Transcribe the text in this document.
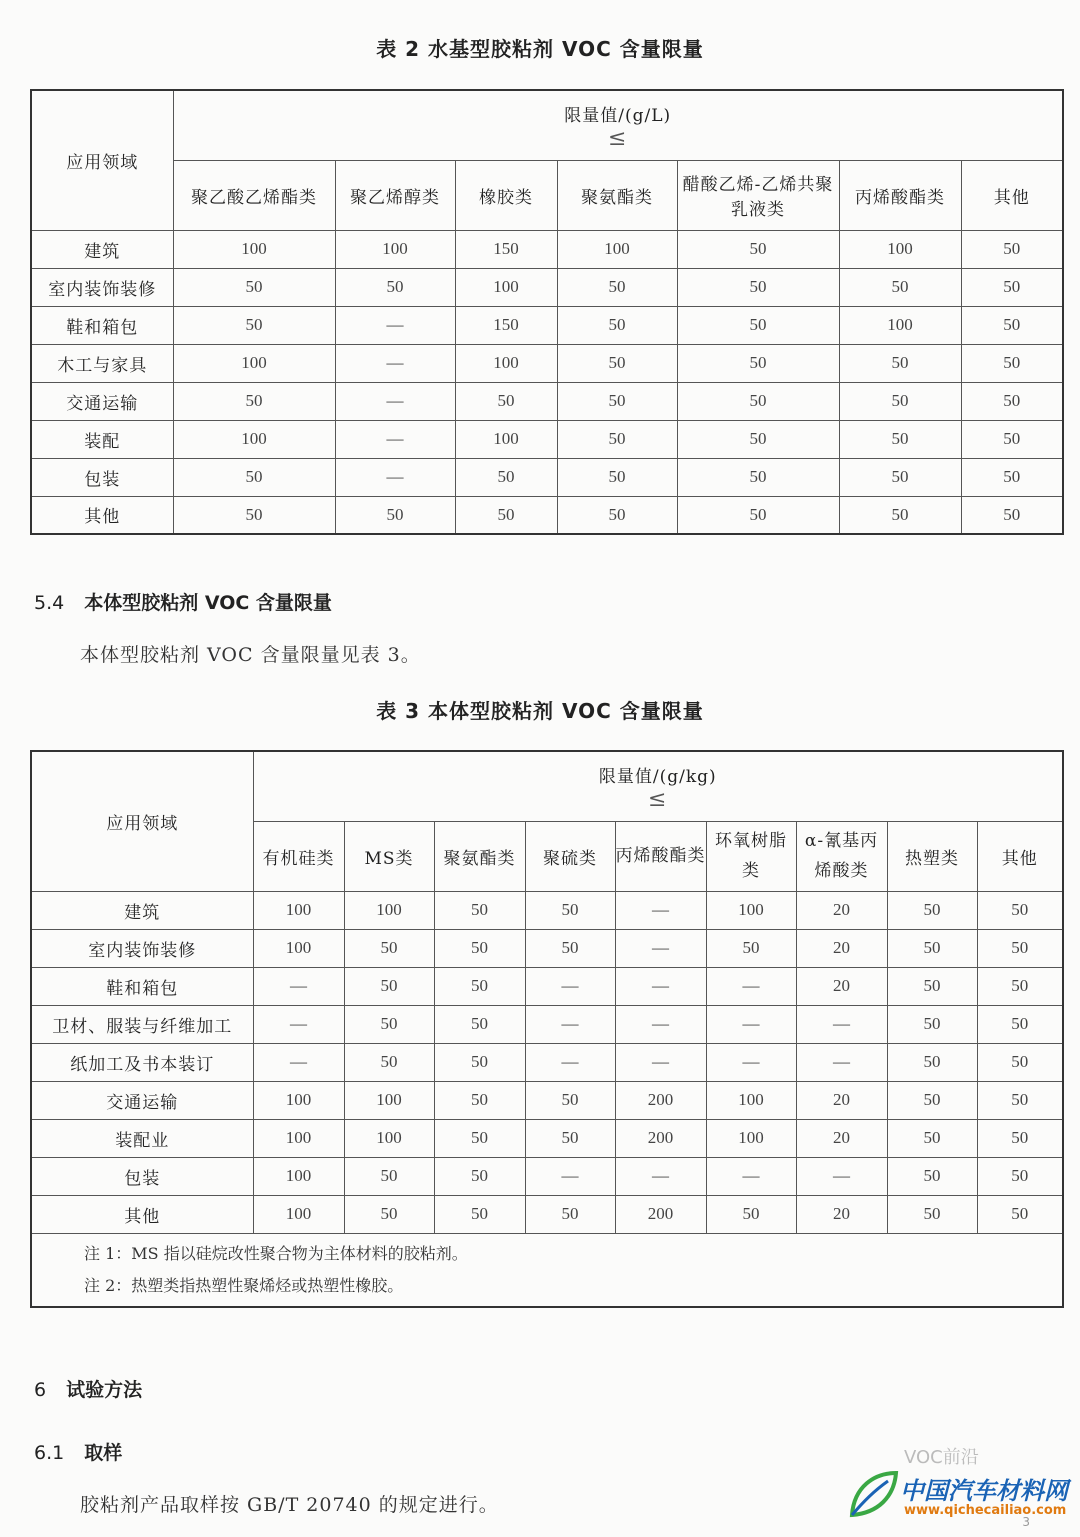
表 2 水基型胶粘剂 VOC 含量限量
应用领域	限量值/(g/L)
≤						

	聚乙酸乙烯酯类	聚乙烯醇类	橡胶类	聚氨酯类	醋酸乙烯-乙烯共聚乳液类	丙烯酸酯类	其他
建筑	100	100	150	100	50	100	50
室内装饰装修	50	50	100	50	50	50	50
鞋和箱包	50	—	150	50	50	100	50
木工与家具	100	—	100	50	50	50	50
交通运输	50	—	50	50	50	50	50
装配	100	—	100	50	50	50	50
包装	50	—	50	50	50	50	50
其他	50	50	50	50	50	50	50
5.4 本体型胶粘剂 VOC 含量限量
本体型胶粘剂 VOC 含量限量见表 3。
表 3 本体型胶粘剂 VOC 含量限量
应用领域	限量值/(g/kg)
≤								

	有机硅类	MS类	聚氨酯类	聚硫类	丙烯酸酯类	环氧树脂类	α-氰基丙烯酸类	热塑类	其他
建筑	100	100	50	50	—	100	20	50	50
室内装饰装修	100	50	50	50	—	50	20	50	50
鞋和箱包	—	50	50	—	—	—	20	50	50
卫材、服装与纤维加工	—	50	50	—	—	—	—	50	50
纸加工及书本装订	—	50	50	—	—	—	—	50	50
交通运输	100	100	50	50	200	100	20	50	50
装配业	100	100	50	50	200	100	20	50	50
包装	100	50	50	—	—	—	—	50	50
其他	100	50	50	50	200	50	20	50	50

注 1：MS 指以硅烷改性聚合物为主体材料的胶粘剂。
注 2：热塑类指热塑性聚烯烃或热塑性橡胶。									
6 试验方法
6.1 取样
胶粘剂产品取样按 GB/T 20740 的规定进行。
VOC前沿
中国汽车材料网
www.qichecailiao.com
3
